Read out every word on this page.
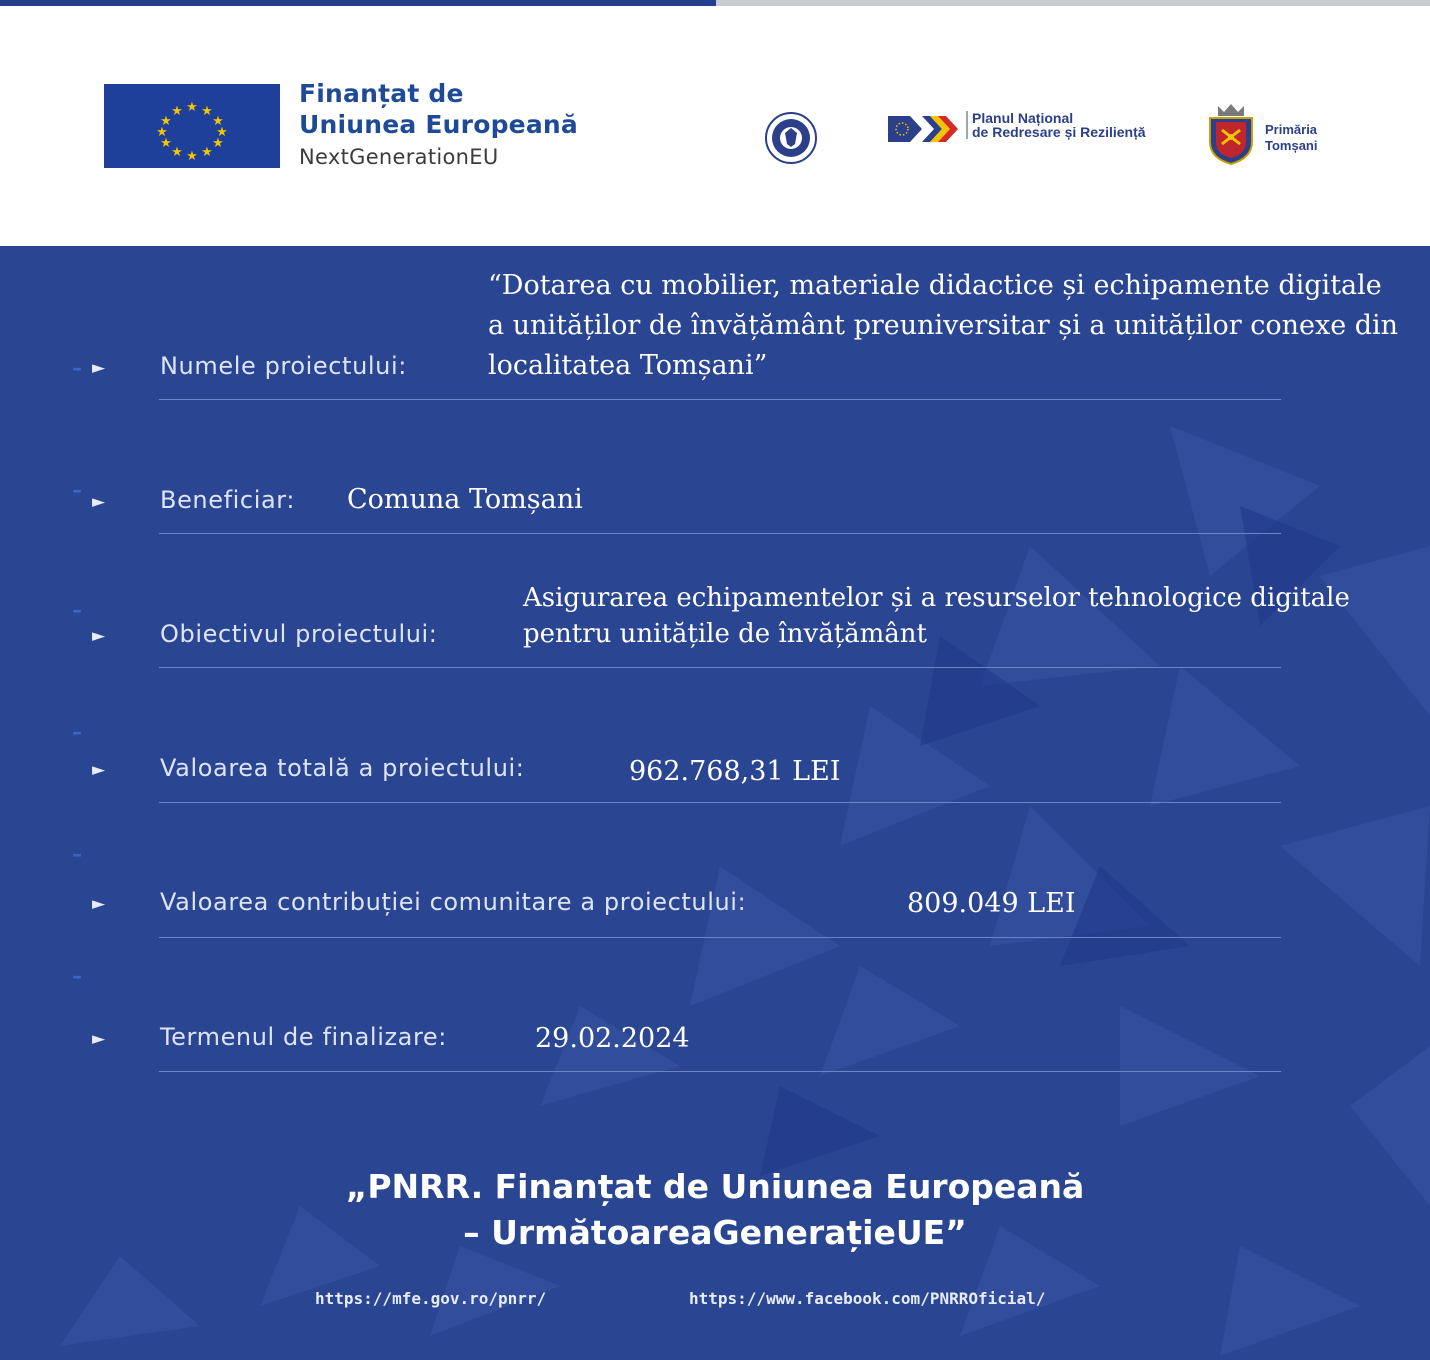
★ ★
★
★
★
★
★
★
★
★
★
★
Finanțat de
Uniunea Europeană
NextGenerationEU
Planul Național
de Redresare și Reziliență	Primăria
Tomșani
– ► Numele proiectului:
“Dotarea cu mobilier, materiale didactice și echipamente digitale a unităților de învățământ preuniversitar și a unităților conexe din localitatea Tomșani”
– ► Beneficiar: Comuna Tomșani
–
► Obiectivul proiectului:
Asigurarea echipamentelor și a resurselor tehnologice digitale pentru unitățile de învățământ
–
► Valoarea totală a proiectului:	962.768,31 LEI
–
► Valoarea contribuției comunitare a proiectului:	809.049 LEI
–
► Termenul de finalizare:	29.02.2024
„PNRR. Finanțat de Uniunea Europeană
– UrmătoareaGenerațieUE”
https://mfe.gov.ro/pnrr/	https://www.facebook.com/PNRROficial/
